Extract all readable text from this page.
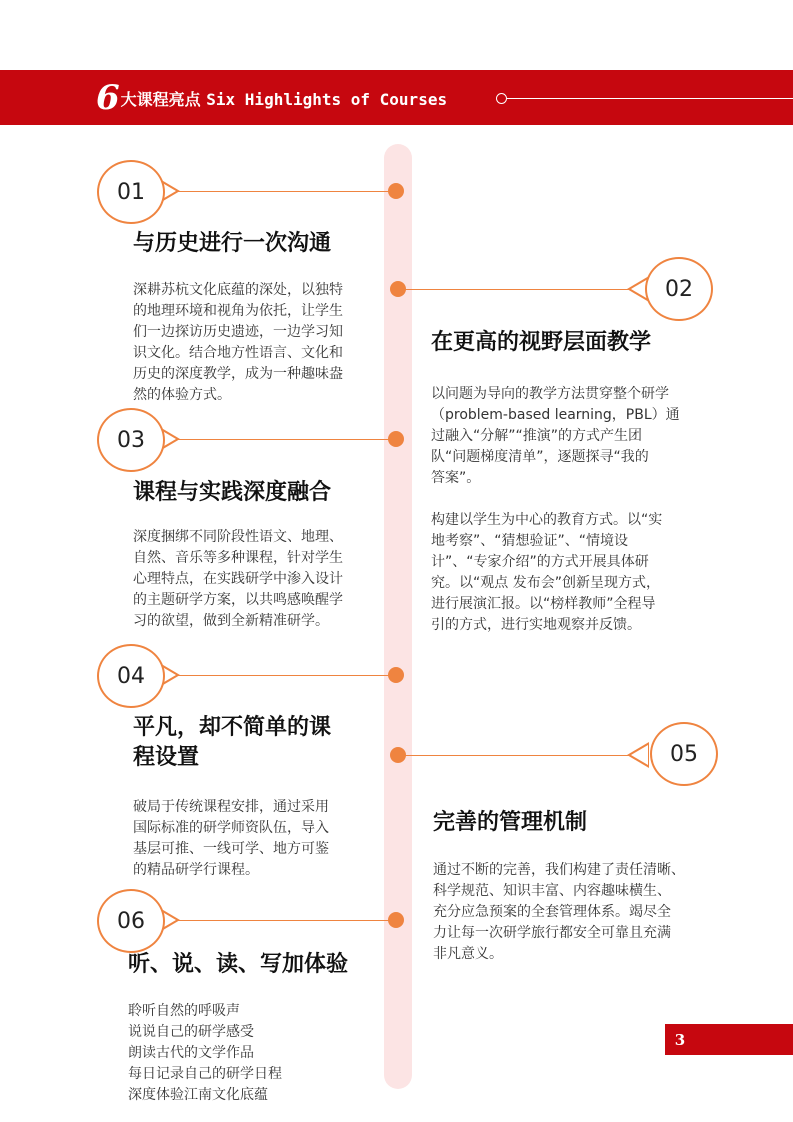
6大课程亮点 Six Highlights of Courses
01
与历史进行一次沟通

深耕苏杭文化底蕴的深处，以独特

的地理环境和视角为依托，让学生

们一边探访历史遗迹，一边学习知

识文化。结合地方性语言、文化和

历史的深度教学，成为一种趣味盎

然的体验方式。

02
在更高的视野层面教学

以问题为导向的教学方法贯穿整个研学

（problem-based learning，PBL）通

过融入“分解”“推演”的方式产生团

队“问题梯度清单”，逐题探寻“我的

答案”。

构建以学生为中心的教育方式。以“实

地考察”、“猜想验证”、“情境设

计”、“专家介绍”的方式开展具体研

究。以“观点 发布会”创新呈现方式，

进行展演汇报。以“榜样教师”全程导

引的方式，进行实地观察并反馈。

03
课程与实践深度融合

深度捆绑不同阶段性语文、地理、

自然、音乐等多种课程，针对学生

心理特点，在实践研学中渗入设计

的主题研学方案，以共鸣感唤醒学

习的欲望，做到全新精准研学。

04
平凡，却不简单的课
程设置

破局于传统课程安排，通过采用

国际标准的研学师资队伍，导入

基层可推、一线可学、地方可鉴

的精品研学行课程。

05
完善的管理机制

通过不断的完善，我们构建了责任清晰、

科学规范、知识丰富、内容趣味横生、

充分应急预案的全套管理体系。竭尽全

力让每一次研学旅行都安全可靠且充满

非凡意义。

06
听、说、读、写加体验

聆听自然的呼吸声

说说自己的研学感受

朗读古代的文学作品

每日记录自己的研学日程

深度体验江南文化底蕴

3
